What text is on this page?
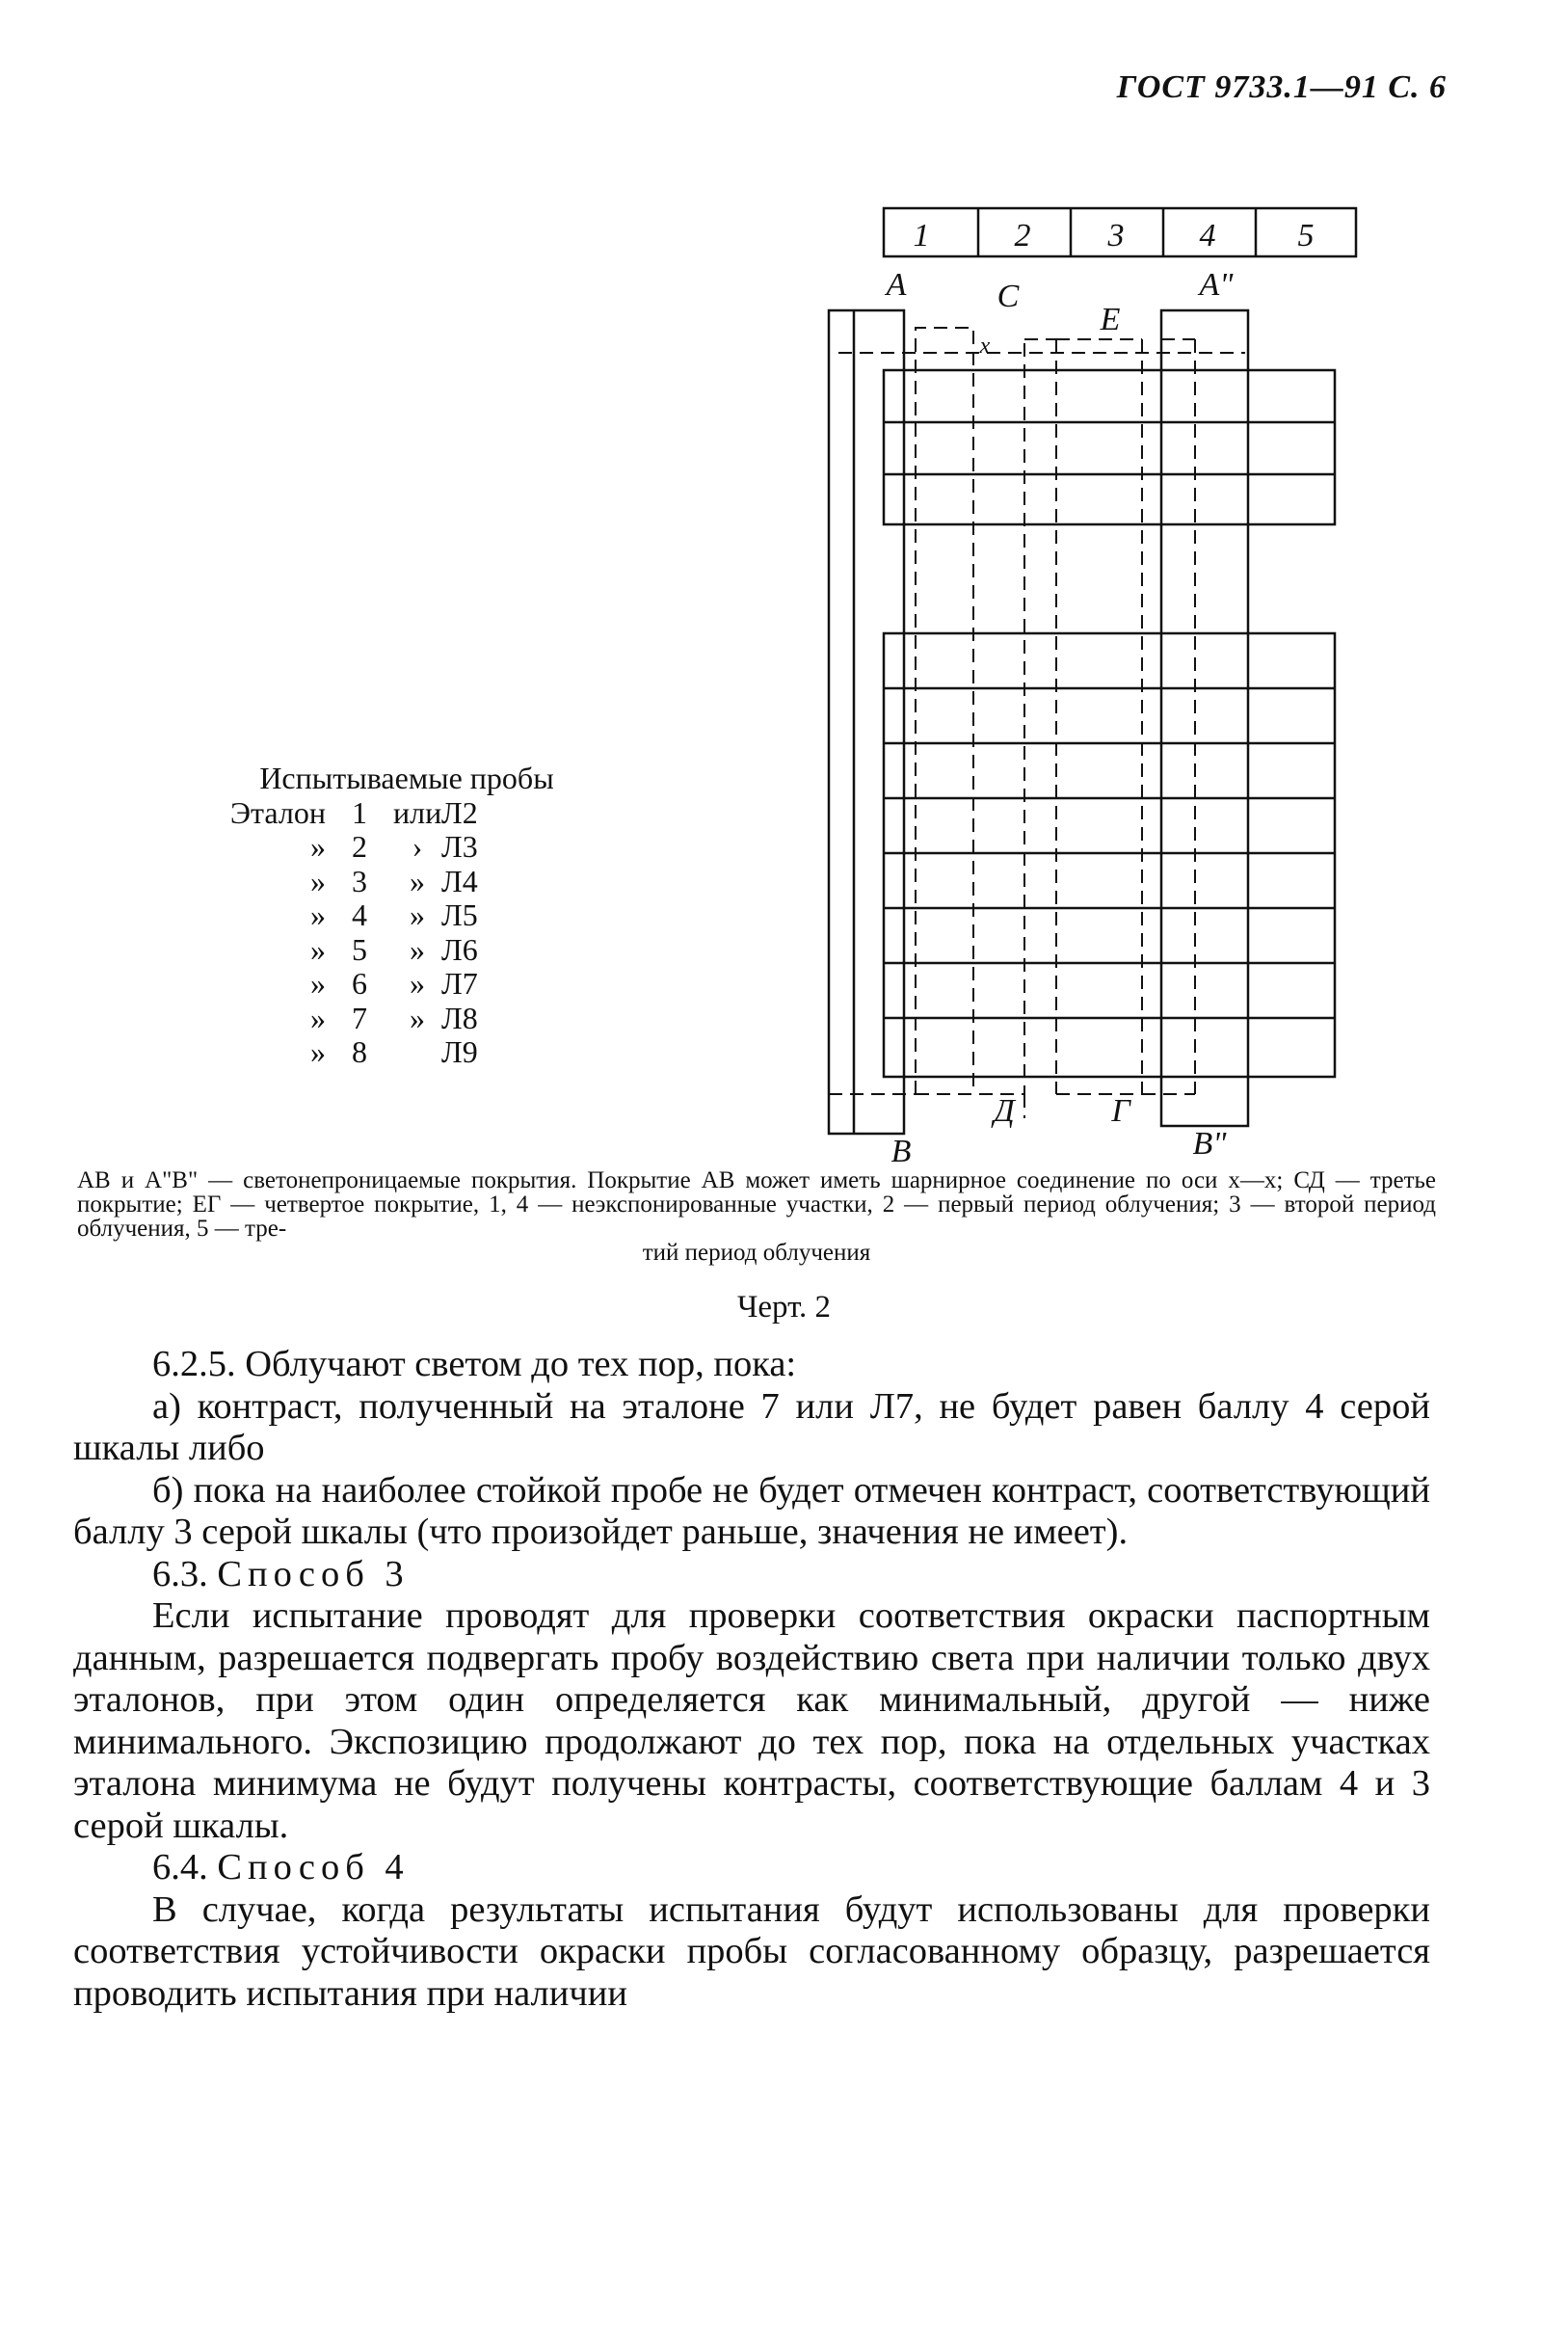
ГОСТ 9733.1—91 С. 6
1	2 3 4	5
A	C
E
A"
x
Д	Г
B	B"
Испытываемые пробы
Эталон 1 или Л2
» 2	› Л3
» 3	» Л4
» 4	» Л5
» 5	» Л6
» 6	» Л7
» 7	» Л8
» 8	Л9
АВ и А"В" — светонепроницаемые покрытия. Покрытие АВ может иметь шарнирное соединение по оси х—х; СД — третье покрытие; ЕГ — четвертое покрытие, 1, 4 — неэкспонированные участки, 2 — первый период облучения; 3 — второй период облучения, 5 — тре-
тий период облучения
Черт. 2

6.2.5. Облучают светом до тех пор, пока:

а) контраст, полученный на эталоне 7 или Л7, не будет равен баллу 4 серой шкалы либо

б) пока на наиболее стойкой пробе не будет отмечен контраст, соответствующий баллу 3 серой шкалы (что произойдет раньше, значения не имеет).

6.3. Способ 3

Если испытание проводят для проверки соответствия окраски паспортным данным, разрешается подвергать пробу воздействию света при наличии только двух эталонов, при этом один определяется как минимальный, другой — ниже минимального. Экспозицию продолжают до тех пор, пока на отдельных участках эталона минимума не будут получены контрасты, соответствующие баллам 4 и 3 серой шкалы.

6.4. Способ 4

В случае, когда результаты испытания будут использованы для проверки соответствия устойчивости окраски пробы согласованному образцу, разрешается проводить испытания при наличии
